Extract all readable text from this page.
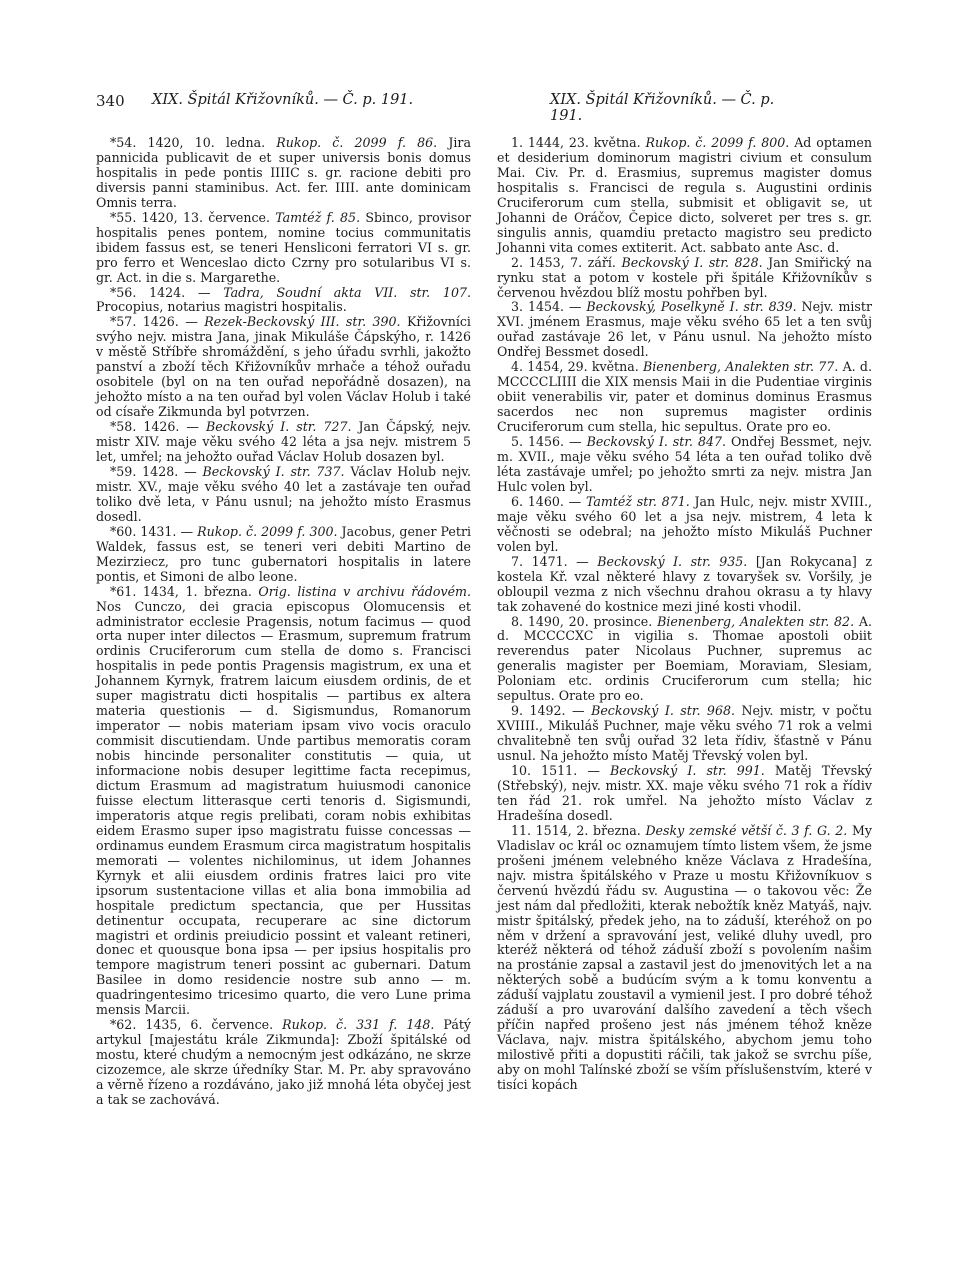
340 XIX. Špitál Křižovníků. — Č. p. 191.	XIX. Špitál Křižovníků. — Č. p. 191.

*54. 1420, 10. ledna. Rukop. č. 2099 f. 86. Jira pannicida publicavit de et super universis bonis domus hospitalis in pede pontis IIIIC s. gr. racione debiti pro diversis panni staminibus. Act. fer. IIII. ante dominicam Omnis terra.

*55. 1420, 13. července. Tamtéž f. 85. Sbinco, provisor hospitalis penes pontem, nomine tocius communitatis ibidem fassus est, se teneri Hensliconi ferratori VI s. gr. pro ferro et Wenceslao dicto Czrny pro sotularibus VI s. gr. Act. in die s. Margarethe.

*56. 1424. — Tadra, Soudní akta VII. str. 107. Procopius, notarius magistri hospitalis.

*57. 1426. — Rezek-Beckovský III. str. 390. Křižovníci svýho nejv. mistra Jana, jinak Mikuláše Čápskýho, r. 1426 v městě Stříbře shromáždění, s jeho úřadu svrhli, jakožto panství a zboží těch Křižovníkův mrhače a téhož ouřadu osobitele (byl on na ten ouřad nepořádně dosazen), na jehožto místo a na ten ouřad byl volen Václav Holub i také od císaře Zikmunda byl potvrzen.

*58. 1426. — Beckovský I. str. 727. Jan Čápský, nejv. mistr XIV. maje věku svého 42 léta a jsa nejv. mistrem 5 let, umřel; na jehožto ouřad Václav Holub dosazen byl.

*59. 1428. — Beckovský I. str. 737. Václav Holub nejv. mistr. XV., maje věku svého 40 let a zastávaje ten ouřad toliko dvě leta, v Pánu usnul; na jehožto místo Erasmus dosedl.

*60. 1431. — Rukop. č. 2099 f. 300. Jacobus, gener Petri Waldek, fassus est, se teneri veri debiti Martino de Mezirziecz, pro tunc gubernatori hospitalis in latere pontis, et Simoni de albo leone.

*61. 1434, 1. března. Orig. listina v archivu řádovém. Nos Cunczo, dei gracia episcopus Olomucensis et administrator ecclesie Pragensis, notum facimus — quod orta nuper inter dilectos — Erasmum, supremum fratrum ordinis Cruciferorum cum stella de domo s. Francisci hospitalis in pede pontis Pragensis magistrum, ex una et Johannem Kyrnyk, fratrem laicum eiusdem ordinis, de et super magistratu dicti hospitalis — partibus ex altera materia questionis — d. Sigismundus, Romanorum imperator — nobis materiam ipsam vivo vocis oraculo commisit discutiendam. Unde partibus memoratis coram nobis hincinde personaliter constitutis — quia, ut informacione nobis desuper legittime facta recepimus, dictum Erasmum ad magistratum huiusmodi canonice fuisse electum litterasque certi tenoris d. Sigismundi, imperatoris atque regis prelibati, coram nobis exhibitas eidem Erasmo super ipso magistratu fuisse concessas — ordinamus eundem Erasmum circa magistratum hospitalis memorati — volentes nichilominus, ut idem Johannes Kyrnyk et alii eiusdem ordinis fratres laici pro vite ipsorum sustentacione villas et alia bona immobilia ad hospitale predictum spectancia, que per Hussitas detinentur occupata, recuperare ac sine dictorum magistri et ordinis preiudicio possint et valeant retineri, donec et quousque bona ipsa — per ipsius hospitalis pro tempore magistrum teneri possint ac gubernari. Datum Basilee in domo residencie nostre sub anno — m. quadringentesimo tricesimo quarto, die vero Lune prima mensis Marcii.

*62. 1435, 6. července. Rukop. č. 331 f. 148. Pátý artykul [majestátu krále Zikmunda]: Zboží špitálské od mostu, které chudým a nemocným jest odkázáno, ne skrze cizozemce, ale skrze úředníky Star. M. Pr. aby spravováno a věrně řízeno a rozdáváno, jako již mnohá léta obyčej jest a tak se zachovává.

1. 1444, 23. května. Rukop. č. 2099 f. 800. Ad optamen et desiderium dominorum magistri civium et consulum Mai. Civ. Pr. d. Erasmius, supremus magister domus hospitalis s. Francisci de regula s. Augustini ordinis Cruciferorum cum stella, submisit et obligavit se, ut Johanni de Oráčov, Čepice dicto, solveret per tres s. gr. singulis annis, quamdiu pretacto magistro seu predicto Johanni vita comes extiterit. Act. sabbato ante Asc. d.

2. 1453, 7. září. Beckovský I. str. 828. Jan Smiřický na rynku stat a potom v kostele při špitále Křižovníkův s červenou hvězdou blíž mostu pohřben byl.

3. 1454. — Beckovský, Poselkyně I. str. 839. Nejv. mistr XVI. jménem Erasmus, maje věku svého 65 let a ten svůj ouřad zastávaje 26 let, v Pánu usnul. Na jehožto místo Ondřej Bessmet dosedl.

4. 1454, 29. května. Bienenberg, Analekten str. 77. A. d. MCCCCLIIII die XIX mensis Maii in die Pudentiae virginis obiit venerabilis vir, pater et dominus dominus Erasmus sacerdos nec non supremus magister ordinis Cruciferorum cum stella, hic sepultus. Orate pro eo.

5. 1456. — Beckovský I. str. 847. Ondřej Bessmet, nejv. m. XVII., maje věku svého 54 léta a ten ouřad toliko dvě léta zastávaje umřel; po jehožto smrti za nejv. mistra Jan Hulc volen byl.

6. 1460. — Tamtéž str. 871. Jan Hulc, nejv. mistr XVIII., maje věku svého 60 let a jsa nejv. mistrem, 4 leta k věčnosti se odebral; na jehožto místo Mikuláš Puchner volen byl.

7. 1471. — Beckovský I. str. 935. [Jan Rokycana] z kostela Kř. vzal některé hlavy z tovaryšek sv. Voršily, je obloupil vezma z nich všechnu drahou okrasu a ty hlavy tak zohavené do kostnice mezi jiné kosti vhodil.

8. 1490, 20. prosince. Bienenberg, Analekten str. 82. A. d. MCCCCXC in vigilia s. Thomae apostoli obiit reverendus pater Nicolaus Puchner, supremus ac generalis magister per Boemiam, Moraviam, Slesiam, Poloniam etc. ordinis Cruciferorum cum stella; hic sepultus. Orate pro eo.

9. 1492. — Beckovský I. str. 968. Nejv. mistr, v počtu XVIIII., Mikuláš Puchner, maje věku svého 71 rok a velmi chvalitebně ten svůj ouřad 32 leta řídiv, šťastně v Pánu usnul. Na jehožto místo Matěj Třevský volen byl.

10. 1511. — Beckovský I. str. 991. Matěj Třevský (Střebský), nejv. mistr. XX. maje věku svého 71 rok a řídiv ten řád 21. rok umřel. Na jehožto místo Václav z Hradešína dosedl.

11. 1514, 2. března. Desky zemské větší č. 3 f. G. 2. My Vladislav oc král oc oznamujem tímto listem všem, že jsme prošeni jménem velebného kněze Václava z Hradešína, najv. mistra špitálského v Praze u mostu Křižovníkuov s červenú hvězdú řádu sv. Augustina — o takovou věc: Že jest nám dal předložiti, kterak nebožtík kněz Matyáš, najv. mistr špitálský, předek jeho, na to záduší, kteréhož on po něm v držení a spravování jest, veliké dluhy uvedl, pro kteréž některá od téhož záduší zboží s povolením našim na prostánie zapsal a zastavil jest do jmenovitých let a na některých sobě a budúcím svým a k tomu konventu a záduší vajplatu zoustavil a vymienil jest. I pro dobré téhož záduší a pro uvarování dalšího zavedení a těch všech příčin napřed prošeno jest nás jménem téhož kněze Václava, najv. mistra špitálského, abychom jemu toho milostivě přiti a dopustiti ráčili, tak jakož se svrchu píše, aby on mohl Talínské zboží se vším příslušenstvím, které v tisíci kopách
